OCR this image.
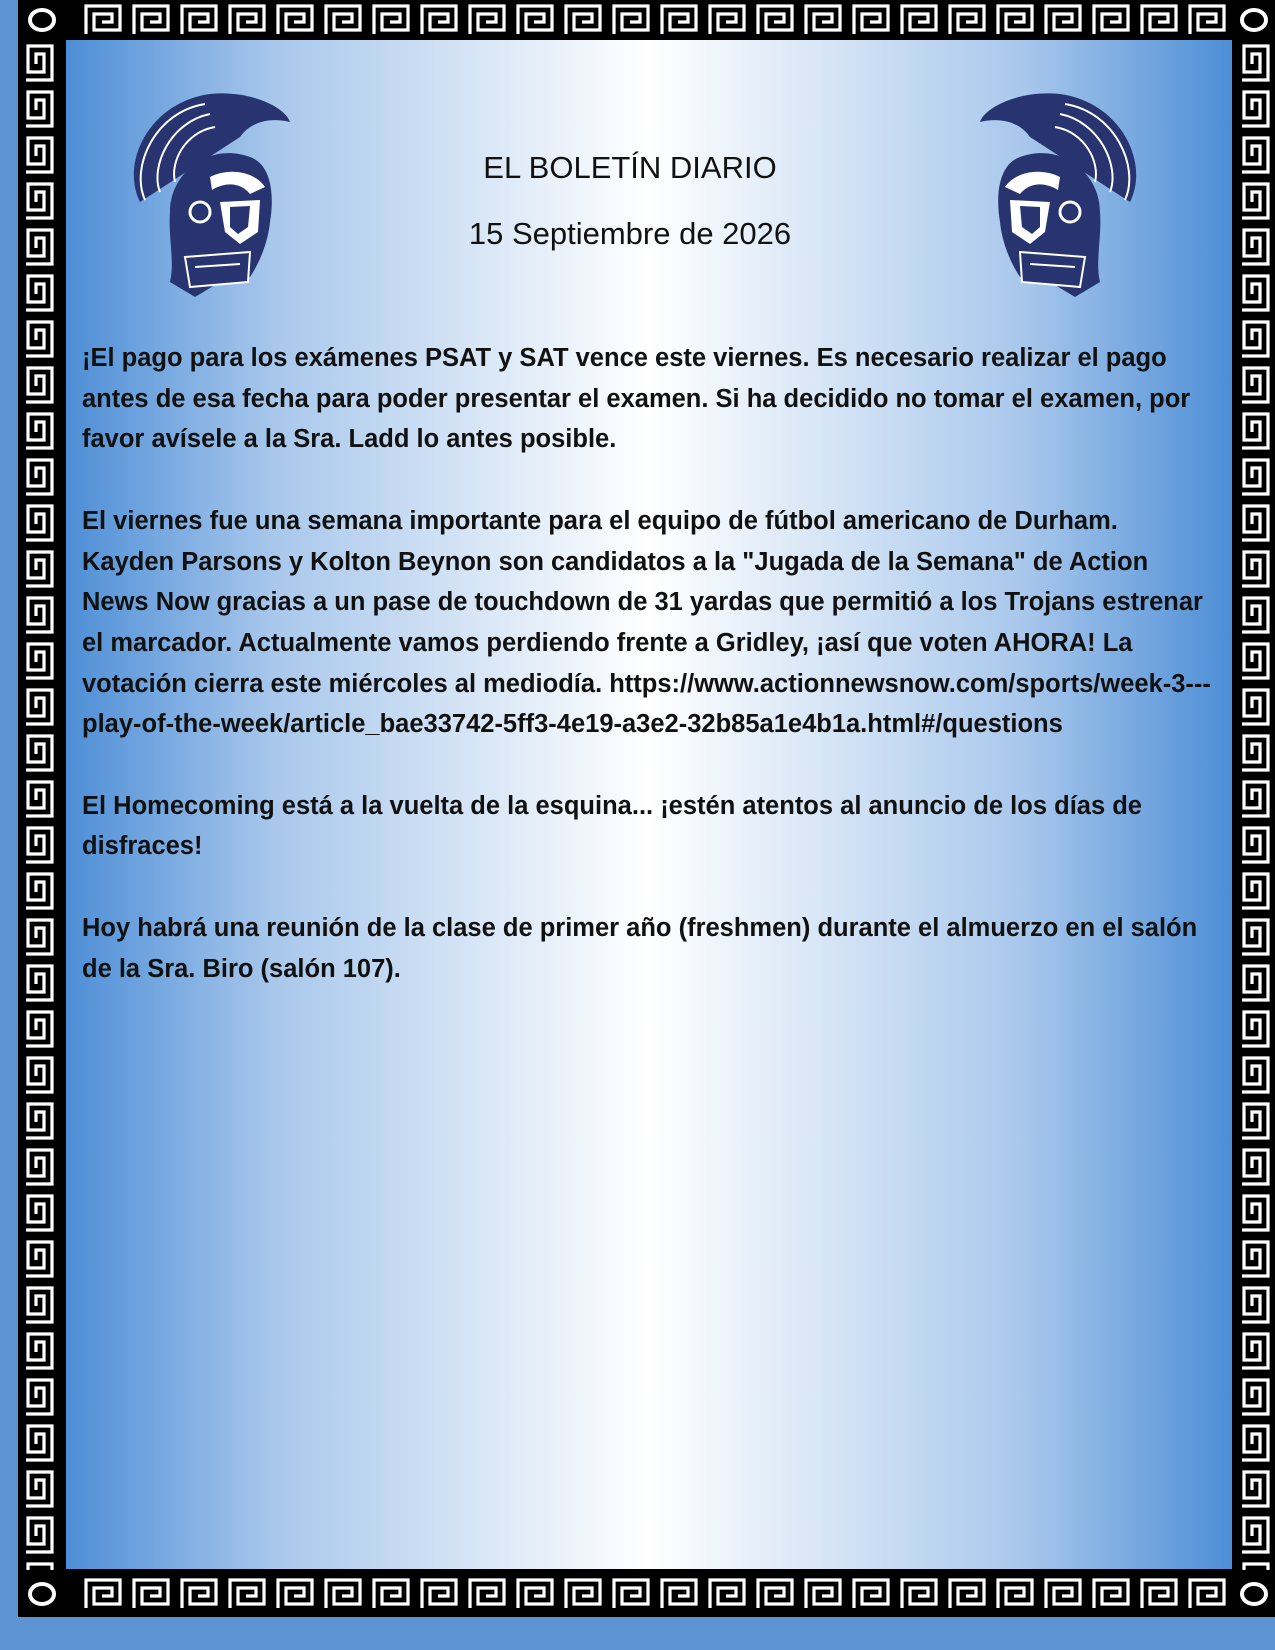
EL BOLETÍN DIARIO
15 Septiembre de 2026

¡El pago para los exámenes PSAT y SAT vence este viernes. Es necesario realizar el pago antes de esa fecha para poder presentar el examen. Si ha decidido no tomar el examen, por favor avísele a la Sra. Ladd lo antes posible.

El viernes fue una semana importante para el equipo de fútbol americano de Durham. Kayden Parsons y Kolton Beynon son candidatos a la "Jugada de la Semana" de Action News Now gracias a un pase de touchdown de 31 yardas que permitió a los Trojans estrenar el marcador. Actualmente vamos perdiendo frente a Gridley, ¡así que voten AHORA! La votación cierra este miércoles al mediodía. https://www.actionnewsnow.com/sports/week-3---play-of-the-week/article_bae33742-5ff3-4e19-a3e2-32b85a1e4b1a.html#/questions

El Homecoming está a la vuelta de la esquina... ¡estén atentos al anuncio de los días de disfraces!

Hoy habrá una reunión de la clase de primer año (freshmen) durante el almuerzo en el salón de la Sra. Biro (salón 107).
